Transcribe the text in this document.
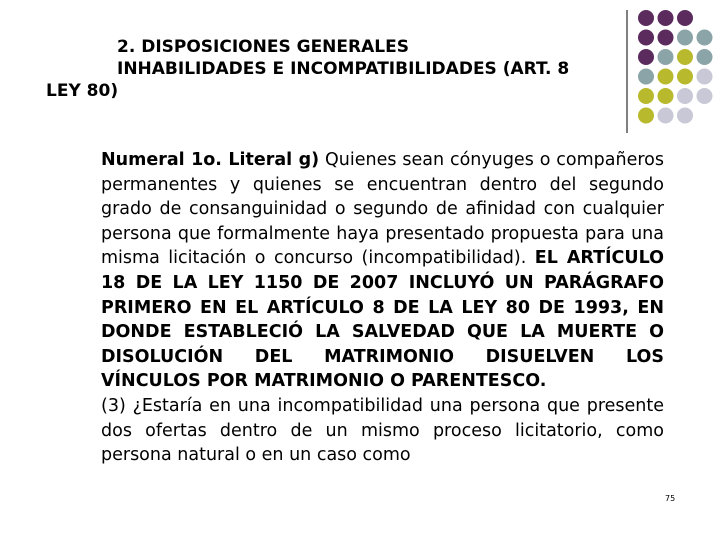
2. DISPOSICIONES GENERALES
INHABILIDADES E INCOMPATIBILIDADES (ART. 8
LEY 80)

Numeral 1o. Literal g) Quienes sean cónyuges o compañeros permanentes y quienes se encuentran dentro del segundo grado de consanguinidad o segundo de afinidad con cualquier persona que formalmente haya presentado propuesta para una misma licitación o concurso (incompatibilidad). EL ARTÍCULO 18 DE LA LEY 1150 DE 2007 INCLUYÓ UN PARÁGRAFO PRIMERO EN EL ARTÍCULO 8 DE LA LEY 80 DE 1993, EN DONDE ESTABLECIÓ LA SALVEDAD QUE LA MUERTE O DISOLUCIÓN DEL MATRIMONIO DISUELVEN LOS VÍNCULOS POR MATRIMONIO O PARENTESCO.

(3) ¿Estaría en una incompatibilidad una persona que presente dos ofertas dentro de un mismo proceso licitatorio, como persona natural o en un caso como

75
